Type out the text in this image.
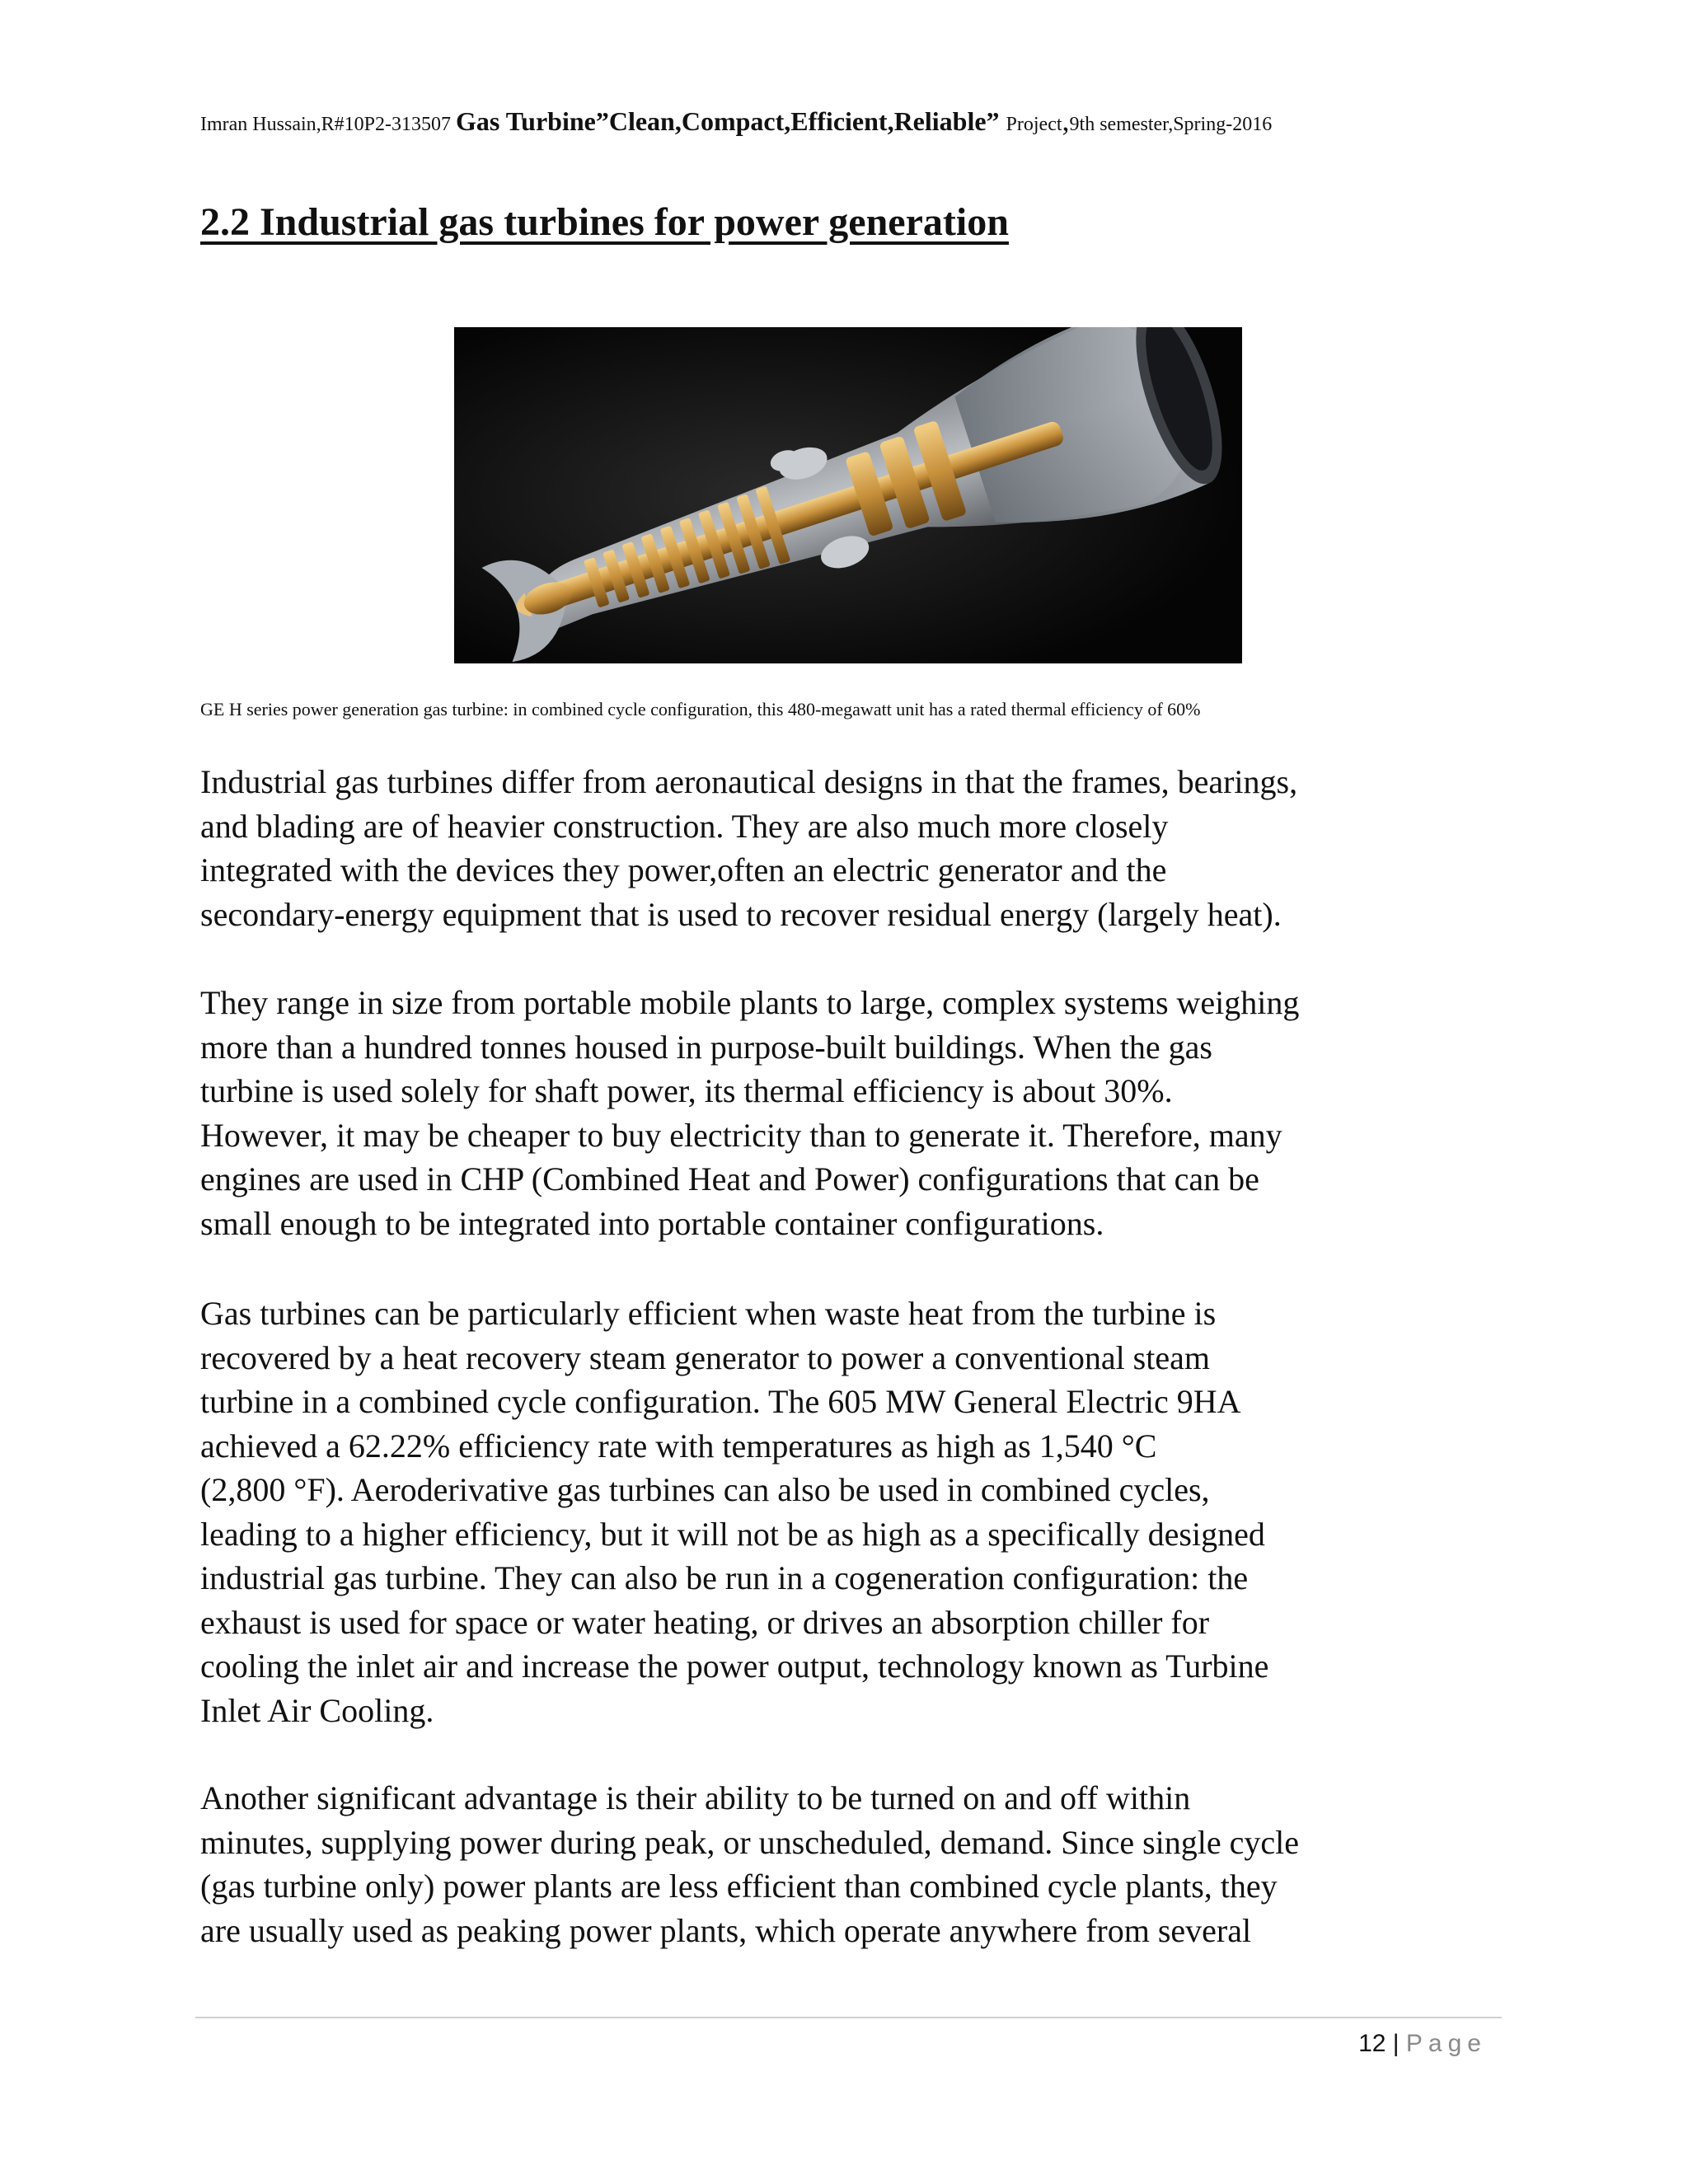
Imran Hussain,R#10P2-313507 Gas Turbine”Clean,Compact,Efficient,Reliable” Project,9th semester,Spring-2016
2.2 Industrial gas turbines for power generation
GE H series power generation gas turbine: in combined cycle configuration, this 480-megawatt unit has a rated thermal efficiency of 60%

Industrial gas turbines differ from aeronautical designs in that the frames, bearings,
and blading are of heavier construction. They are also much more closely
integrated with the devices they power,often an electric generator and the
secondary-energy equipment that is used to recover residual energy (largely heat).

They range in size from portable mobile plants to large, complex systems weighing
more than a hundred tonnes housed in purpose-built buildings. When the gas
turbine is used solely for shaft power, its thermal efficiency is about 30%.
However, it may be cheaper to buy electricity than to generate it. Therefore, many
engines are used in CHP (Combined Heat and Power) configurations that can be
small enough to be integrated into portable container configurations.

Gas turbines can be particularly efficient when waste heat from the turbine is
recovered by a heat recovery steam generator to power a conventional steam
turbine in a combined cycle configuration. The 605 MW General Electric 9HA
achieved a 62.22% efficiency rate with temperatures as high as 1,540 °C
(2,800 °F). Aeroderivative gas turbines can also be used in combined cycles,
leading to a higher efficiency, but it will not be as high as a specifically designed
industrial gas turbine. They can also be run in a cogeneration configuration: the
exhaust is used for space or water heating, or drives an absorption chiller for
cooling the inlet air and increase the power output, technology known as Turbine
Inlet Air Cooling.

Another significant advantage is their ability to be turned on and off within
minutes, supplying power during peak, or unscheduled, demand. Since single cycle
(gas turbine only) power plants are less efficient than combined cycle plants, they
are usually used as peaking power plants, which operate anywhere from several

12 | Page
